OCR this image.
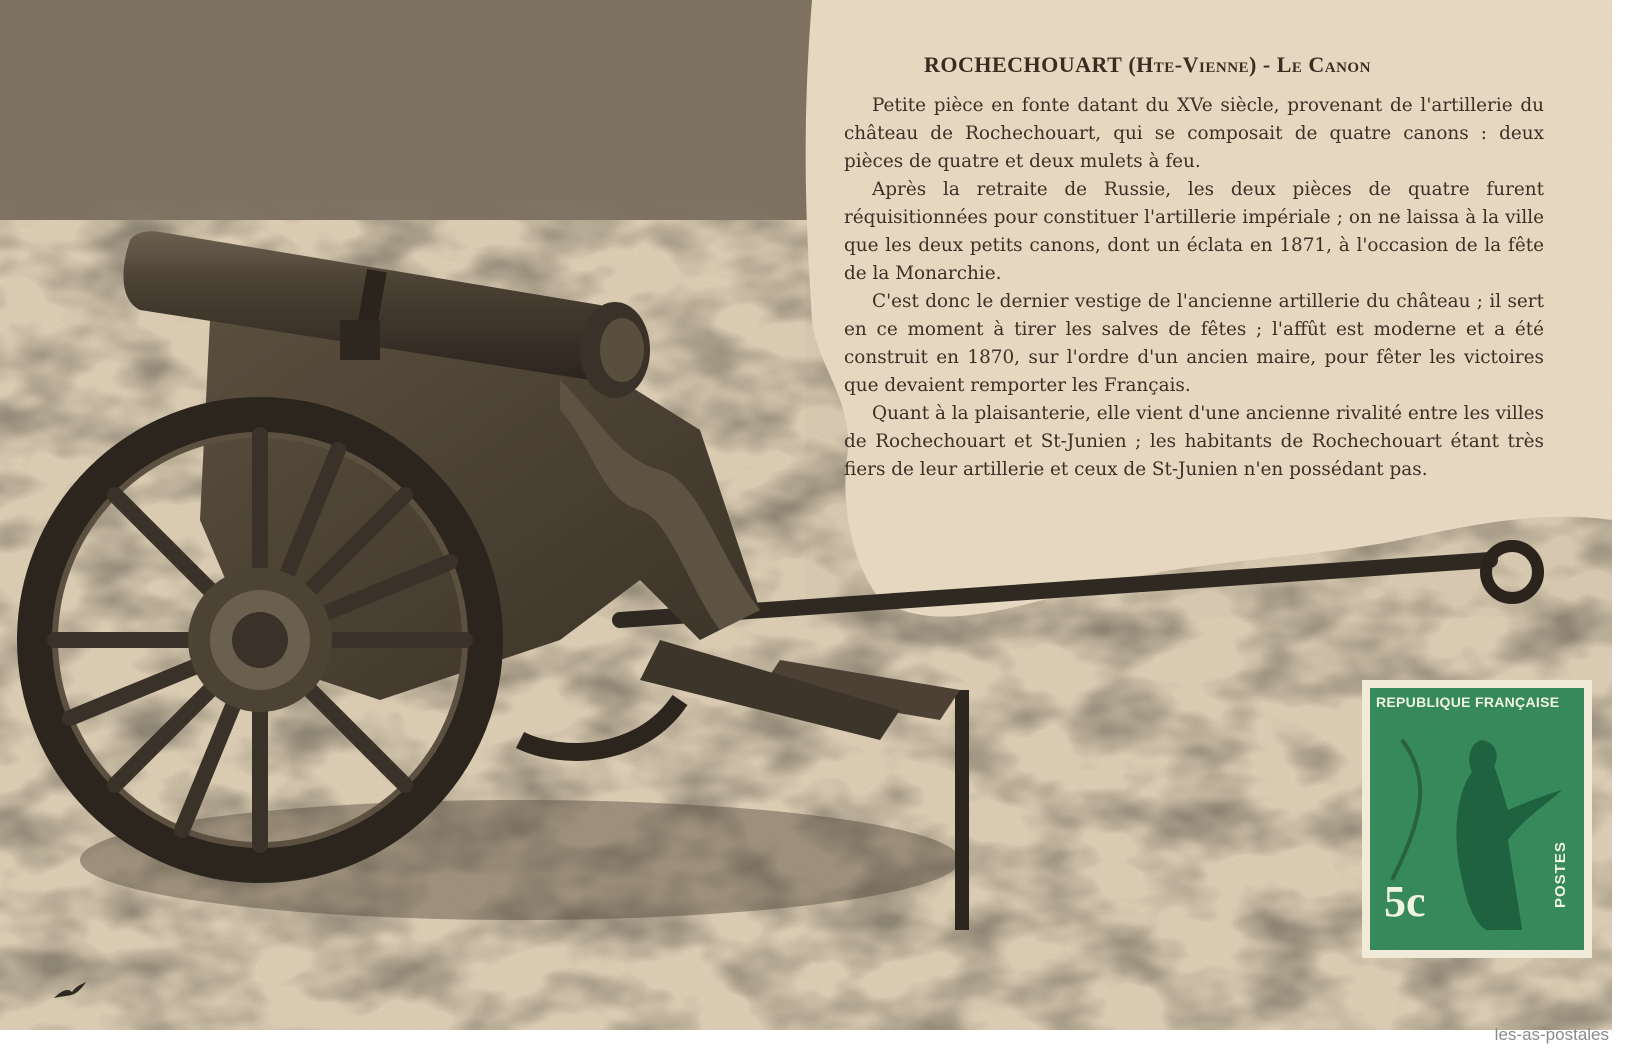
ROCHECHOUART (Hte-Vienne) - Le Canon

Petite pièce en fonte datant du XVe siècle, provenant de l'artillerie du château de Rochechouart, qui se composait de quatre canons : deux pièces de quatre et deux mulets à feu.

Après la retraite de Russie, les deux pièces de quatre furent réquisitionnées pour constituer l'artillerie impériale ; on ne laissa à la ville que les deux petits canons, dont un éclata en 1871, à l'occasion de la fête de la Monarchie.

C'est donc le dernier vestige de l'ancienne artillerie du château ; il sert en ce moment à tirer les salves de fêtes ; l'affût est moderne et a été construit en 1870, sur l'ordre d'un ancien maire, pour fêter les victoires que devaient remporter les Français.

Quant à la plaisanterie, elle vient d'une ancienne rivalité entre les villes de Rochechouart et St-Junien ; les habitants de Rochechouart étant très fiers de leur artillerie et ceux de St-Junien n'en possédant pas.

REPUBLIQUE FRANÇAISE
5c	POSTES
les-as-postales
